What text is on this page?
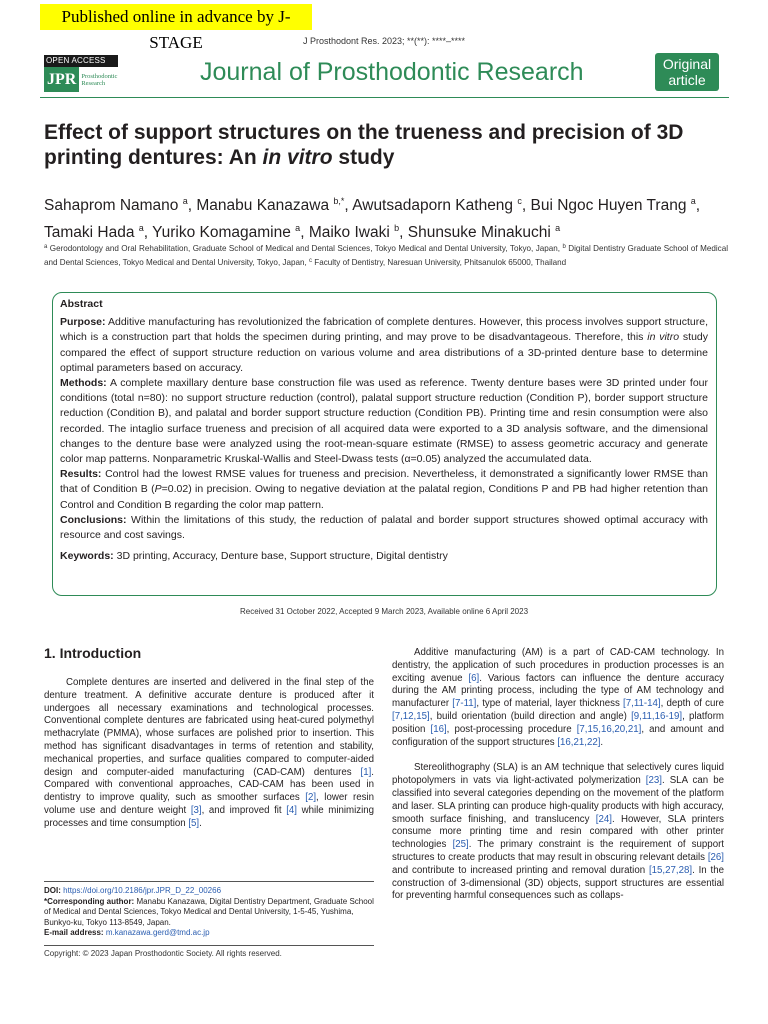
Published online in advance by J-STAGE	J Prosthodont Res. 2023; **(**): ****–****
OPEN ACCESS
JPR Prosthodontic
Research	Journal of Prosthodontic Research	Original
article
Effect of support structures on the trueness and precision of 3D printing dentures: An in vitro study
Sahaprom Namano $^a$, Manabu Kanazawa $^{b,*}$, Awutsadaporn Katheng $^c$, Bui Ngoc Huyen Trang $^a$, Tamaki Hada $^a$, Yuriko Komagamine $^a$, Maiko Iwaki $^b$, Shunsuke Minakuchi $^a$
$^a$ Gerodontology and Oral Rehabilitation, Graduate School of Medical and Dental Sciences, Tokyo Medical and Dental University, Tokyo, Japan, $^b$ Digital Dentistry Graduate School of Medical and Dental Sciences, Tokyo Medical and Dental University, Tokyo, Japan, $^c$ Faculty of Dentistry, Naresuan University, Phitsanulok 65000, Thailand

Abstract

Purpose: Additive manufacturing has revolutionized the fabrication of complete dentures. However, this process involves support structure, which is a construction part that holds the specimen during printing, and may prove to be disadvantageous. Therefore, this in vitro study compared the effect of support structure reduction on various volume and area distributions of a 3D-printed denture base to determine optimal parameters based on accuracy.

Methods: A complete maxillary denture base construction file was used as reference. Twenty denture bases were 3D printed under four conditions (total n=80): no support structure reduction (control), palatal support structure reduction (Condition P), border support structure reduction (Condition B), and palatal and border support structure reduction (Condition PB). Printing time and resin consumption were also recorded. The intaglio surface trueness and precision of all acquired data were exported to a 3D analysis software, and the dimensional changes to the denture base were analyzed using the root-mean-square estimate (RMSE) to assess geometric accuracy and generate color map patterns. Nonparametric Kruskal-Wallis and Steel-Dwass tests (α=0.05) analyzed the accumulated data.

Results: Control had the lowest RMSE values for trueness and precision. Nevertheless, it demonstrated a significantly lower RMSE than that of Condition B (P=0.02) in precision. Owing to negative deviation at the palatal region, Conditions P and PB had higher retention than Control and Condition B regarding the color map pattern.

Conclusions: Within the limitations of this study, the reduction of palatal and border support structures showed optimal accuracy with resource and cost savings.

Keywords: 3D printing, Accuracy, Denture base, Support structure, Digital dentistry

Received 31 October 2022, Accepted 9 March 2023, Available online 6 April 2023
1. Introduction

Complete dentures are inserted and delivered in the final step of the denture treatment. A definitive accurate denture is produced after it undergoes all necessary examinations and technological processes. Conventional complete dentures are fabricated using heat-cured polymethyl methacrylate (PMMA), whose surfaces are polished prior to insertion. This method has significant disadvantages in terms of retention and stability, mechanical properties, and surface qualities compared to computer-aided design and computer-aided manufacturing (CAD-CAM) dentures [1]. Compared with conventional approaches, CAD-CAM has been used in dentistry to improve quality, such as smoother surfaces [2], lower resin volume use and denture weight [3], and improved fit [4] while minimizing processes and time consumption [5].

Additive manufacturing (AM) is a part of CAD-CAM technology. In dentistry, the application of such procedures in production processes is an exciting avenue [6]. Various factors can influence the denture accuracy during the AM printing process, including the type of AM technology and manufacturer [7-11], type of material, layer thickness [7,11-14], depth of cure [7,12,15], build orientation (build direction and angle) [9,11,16-19], platform position [16], post-processing procedure [7,15,16,20,21], and amount and configuration of the support structures [16,21,22].

Stereolithography (SLA) is an AM technique that selectively cures liquid photopolymers in vats via light-activated polymerization [23]. SLA can be classified into several categories depending on the movement of the platform and laser. SLA printing can produce high-quality products with high accuracy, smooth surface finishing, and translucency [24]. However, SLA printers consume more printing time and resin compared with other printer technologies [25]. The primary constraint is the requirement of support structures to create products that may result in obscuring relevant details [26] and contribute to increased printing and removal duration [15,27,28]. In the construction of 3-dimensional (3D) objects, support structures are essential for preventing harmful consequences such as collaps-

DOI: https://doi.org/10.2186/jpr.JPR_D_22_00266
*Corresponding author: Manabu Kanazawa, Digital Dentistry Department, Graduate School of Medical and Dental Sciences, Tokyo Medical and Dental University, 1-5-45, Yushima, Bunkyo-ku, Tokyo 113-8549, Japan.
E-mail address: m.kanazawa.gerd@tmd.ac.jp
Copyright: © 2023 Japan Prosthodontic Society. All rights reserved.
